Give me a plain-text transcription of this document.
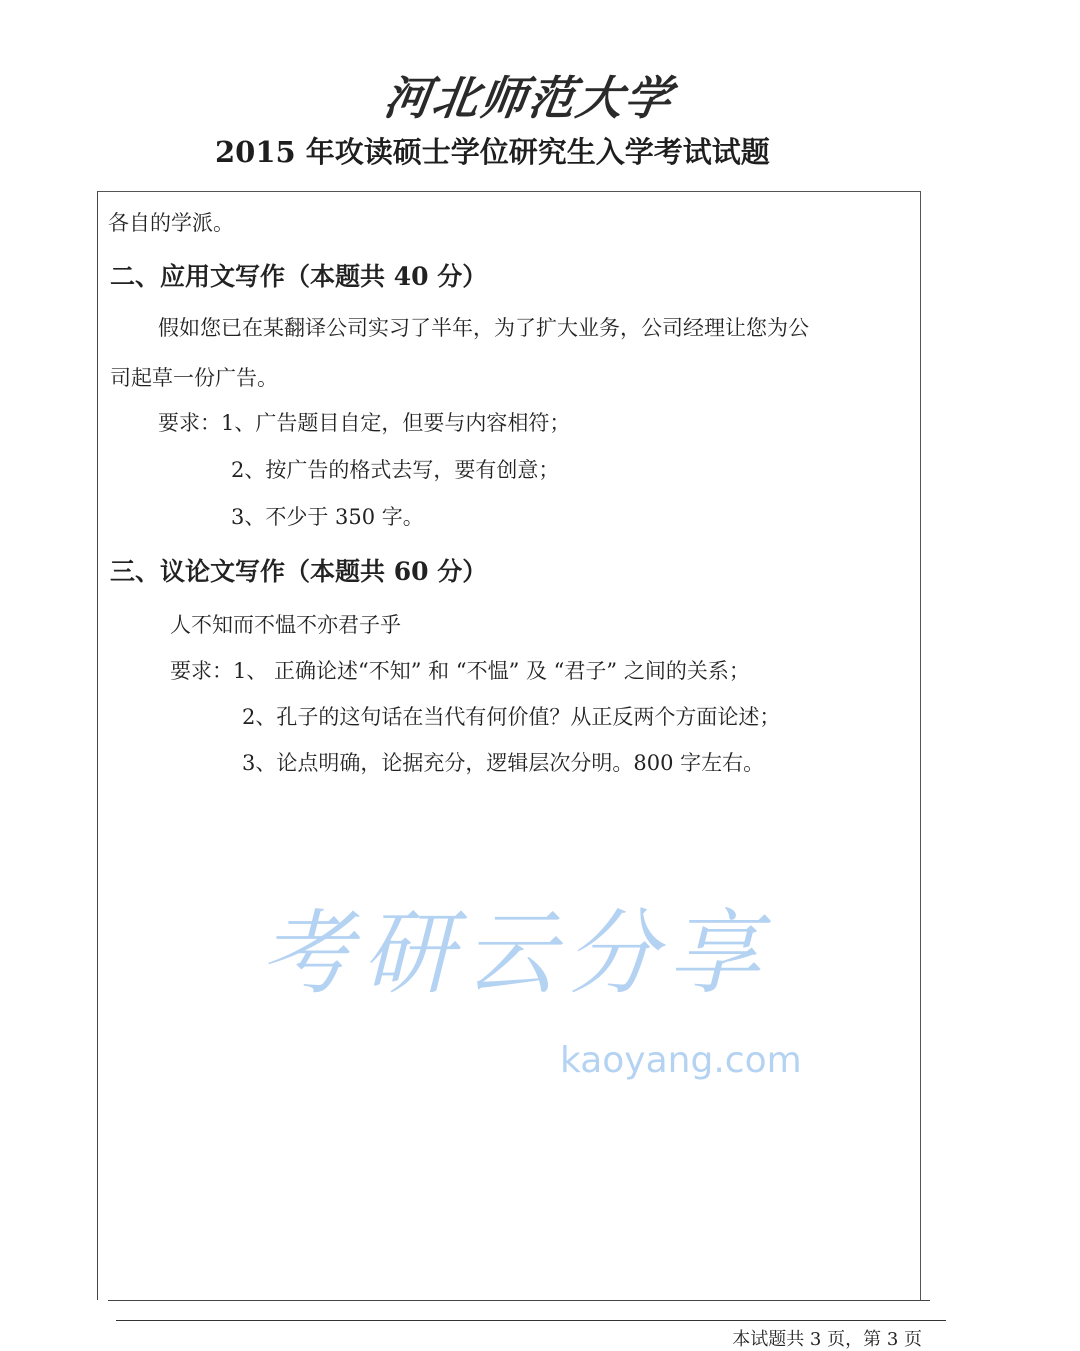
河北师范大学
2015 年攻读硕士学位研究生入学考试试题
各自的学派。
二、应用文写作（本题共 40 分）
假如您已在某翻译公司实习了半年，为了扩大业务，公司经理让您为公
司起草一份广告。
要求：1、广告题目自定，但要与内容相符；
2、按广告的格式去写，要有创意；
3、不少于 350 字。
三、议论文写作（本题共 60 分）
人不知而不愠不亦君子乎
要求：1、 正确论述“不知” 和 “不愠” 及 “君子” 之间的关系；
2、孔子的这句话在当代有何价值？从正反两个方面论述；
3、论点明确，论据充分，逻辑层次分明。800 字左右。
考研云分享
kaoyang.com
本试题共 3 页，第 3 页
